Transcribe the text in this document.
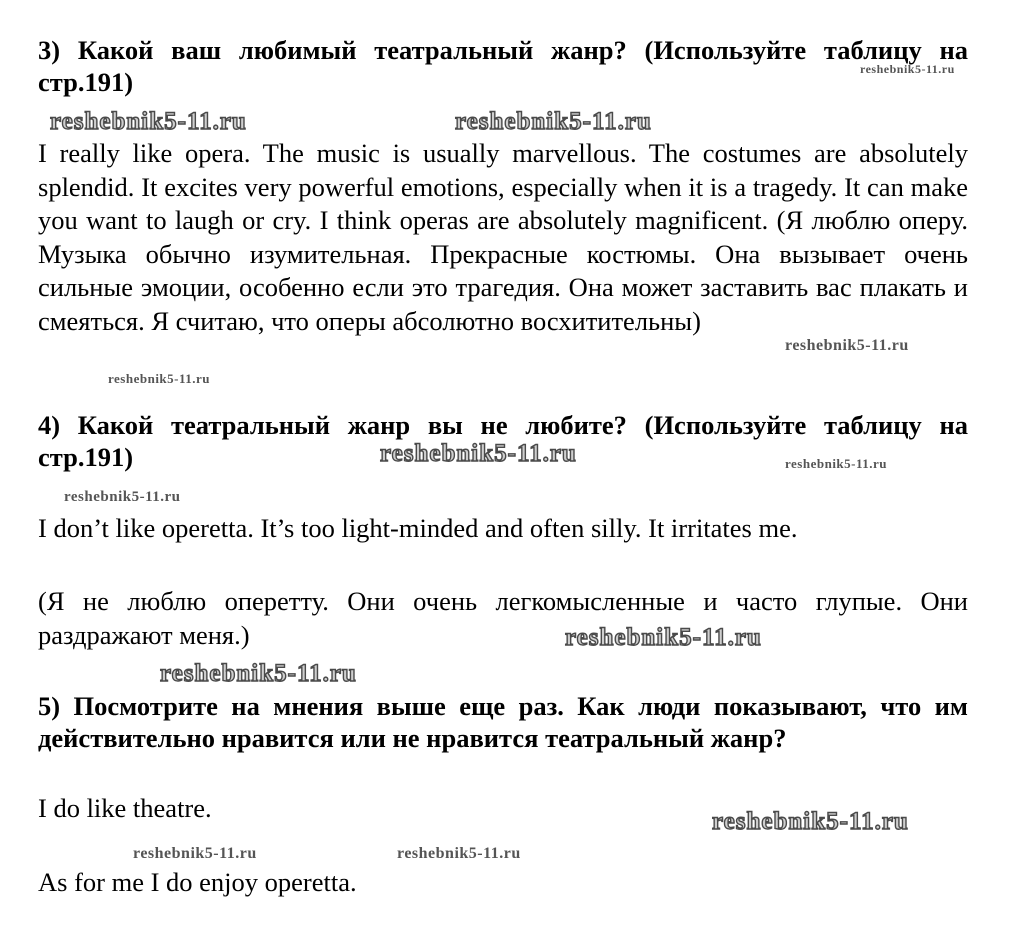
3) Какой ваш любимый театральный жанр? (Используйте таблицу на стр.191)

I really like opera. The music is usually marvellous. The costumes are absolutely splendid. It excites very powerful emotions, especially when it is a tragedy. It can make you want to laugh or cry. I think operas are absolutely magnificent. (Я люблю оперу. Музыка обычно изумительная. Прекрасные костюмы. Она вызывает очень сильные эмоции, особенно если это трагедия. Она может заставить вас плакать и смеяться. Я считаю, что оперы абсолютно восхитительны)

4) Какой театральный жанр вы не любите? (Используйте таблицу на стр.191)

I don’t like operetta. It’s too light-minded and often silly. It irritates me.

(Я не люблю оперетту. Они очень легкомысленные и часто глупые. Они раздражают меня.)

5) Посмотрите на мнения выше еще раз. Как люди показывают, что им действительно нравится или не нравится театральный жанр?

I do like theatre.

As for me I do enjoy operetta.

reshebnik5-11.ru
reshebnik5-11.ru	reshebnik5-11.ru
reshebnik5-11.ru
reshebnik5-11.ru
reshebnik5-11.ru	reshebnik5-11.ru
reshebnik5-11.ru
reshebnik5-11.ru
reshebnik5-11.ru
reshebnik5-11.ru
reshebnik5-11.ru	reshebnik5-11.ru
